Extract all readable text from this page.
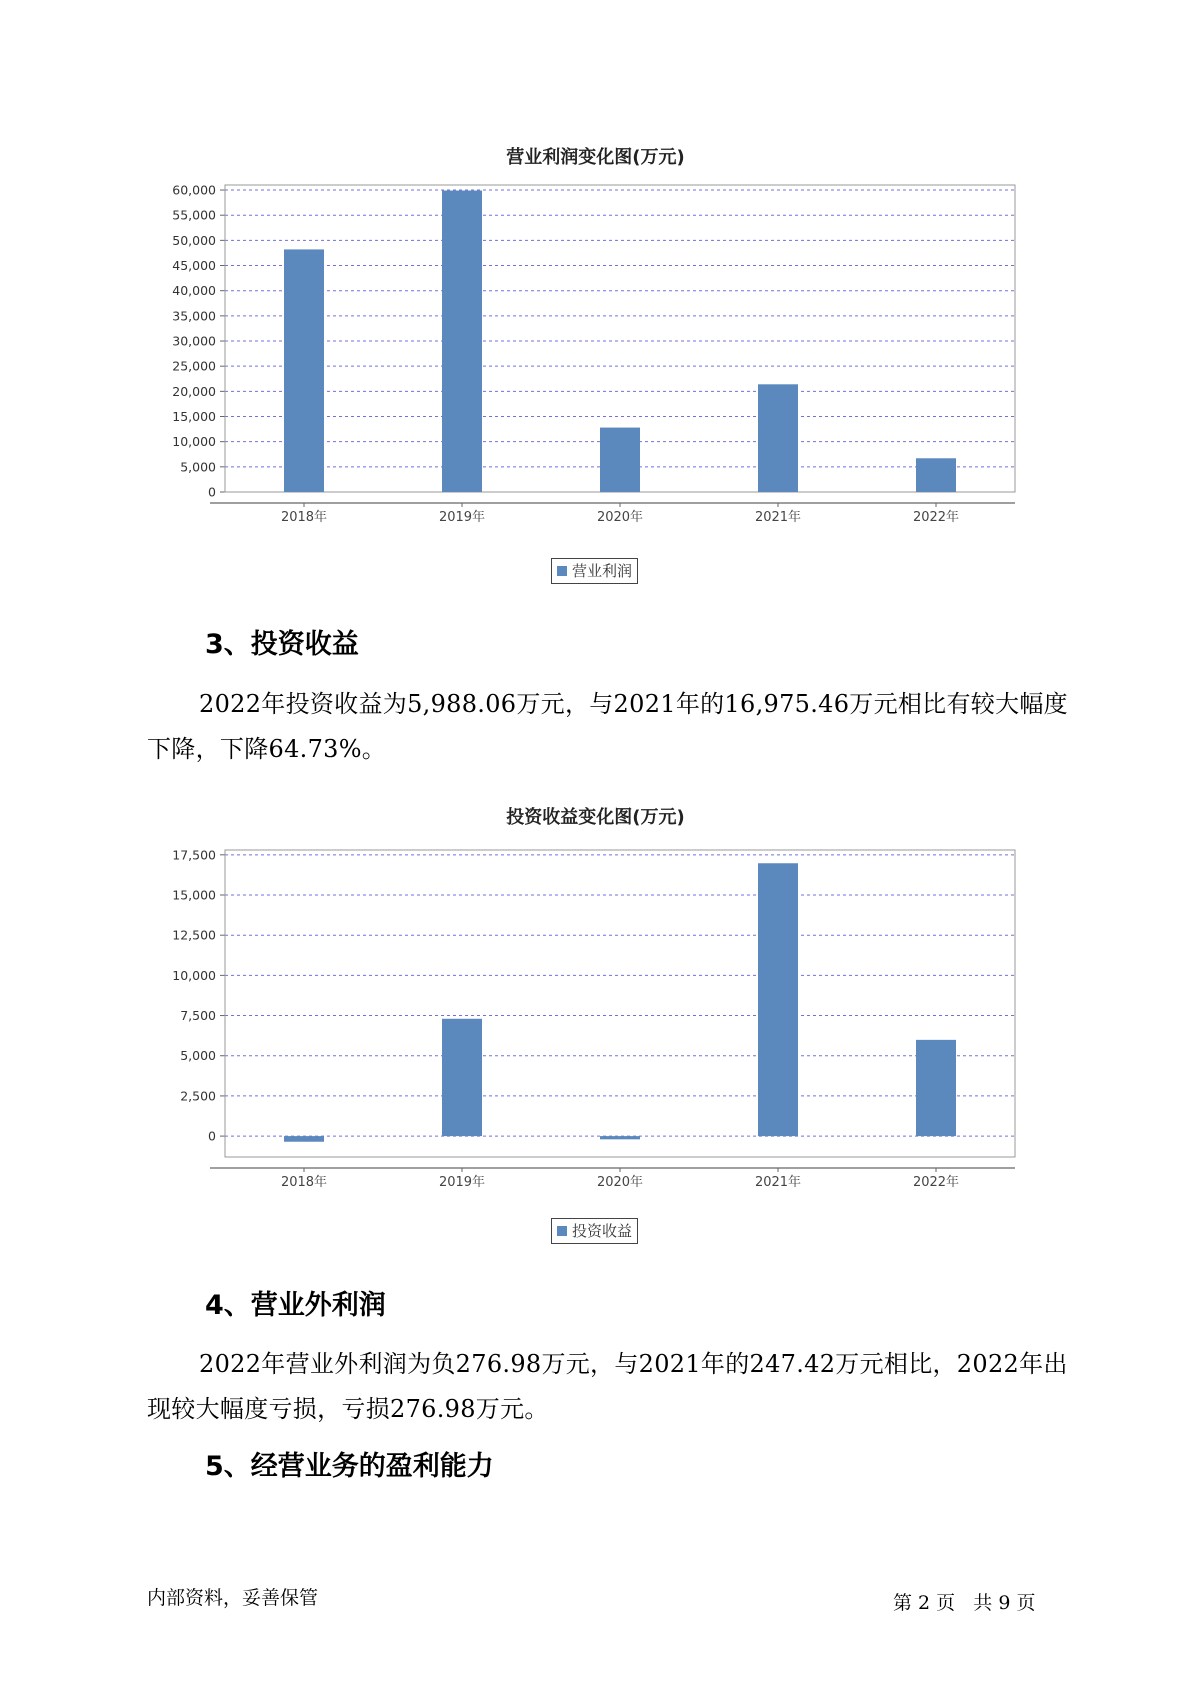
营业利润变化图(万元)
0
5,000
10,000
15,000
20,000
25,000
30,000
35,000
40,000
45,000
50,000
55,000
60,000
2018年	2019年	2020年	2021年	2022年
营业利润
3、投资收益
2022年投资收益为5,988.06万元，与2021年的16,975.46万元相比有较大幅度下降，下降64.73%。
投资收益变化图(万元)
0
2,500
5,000
7,500
10,000
12,500
15,000
17,500
2018年	2019年	2020年	2021年	2022年
投资收益
4、营业外利润
2022年营业外利润为负276.98万元，与2021年的247.42万元相比，2022年出现较大幅度亏损，亏损276.98万元。
5、经营业务的盈利能力
内部资料，妥善保管	第 2 页   共 9 页
